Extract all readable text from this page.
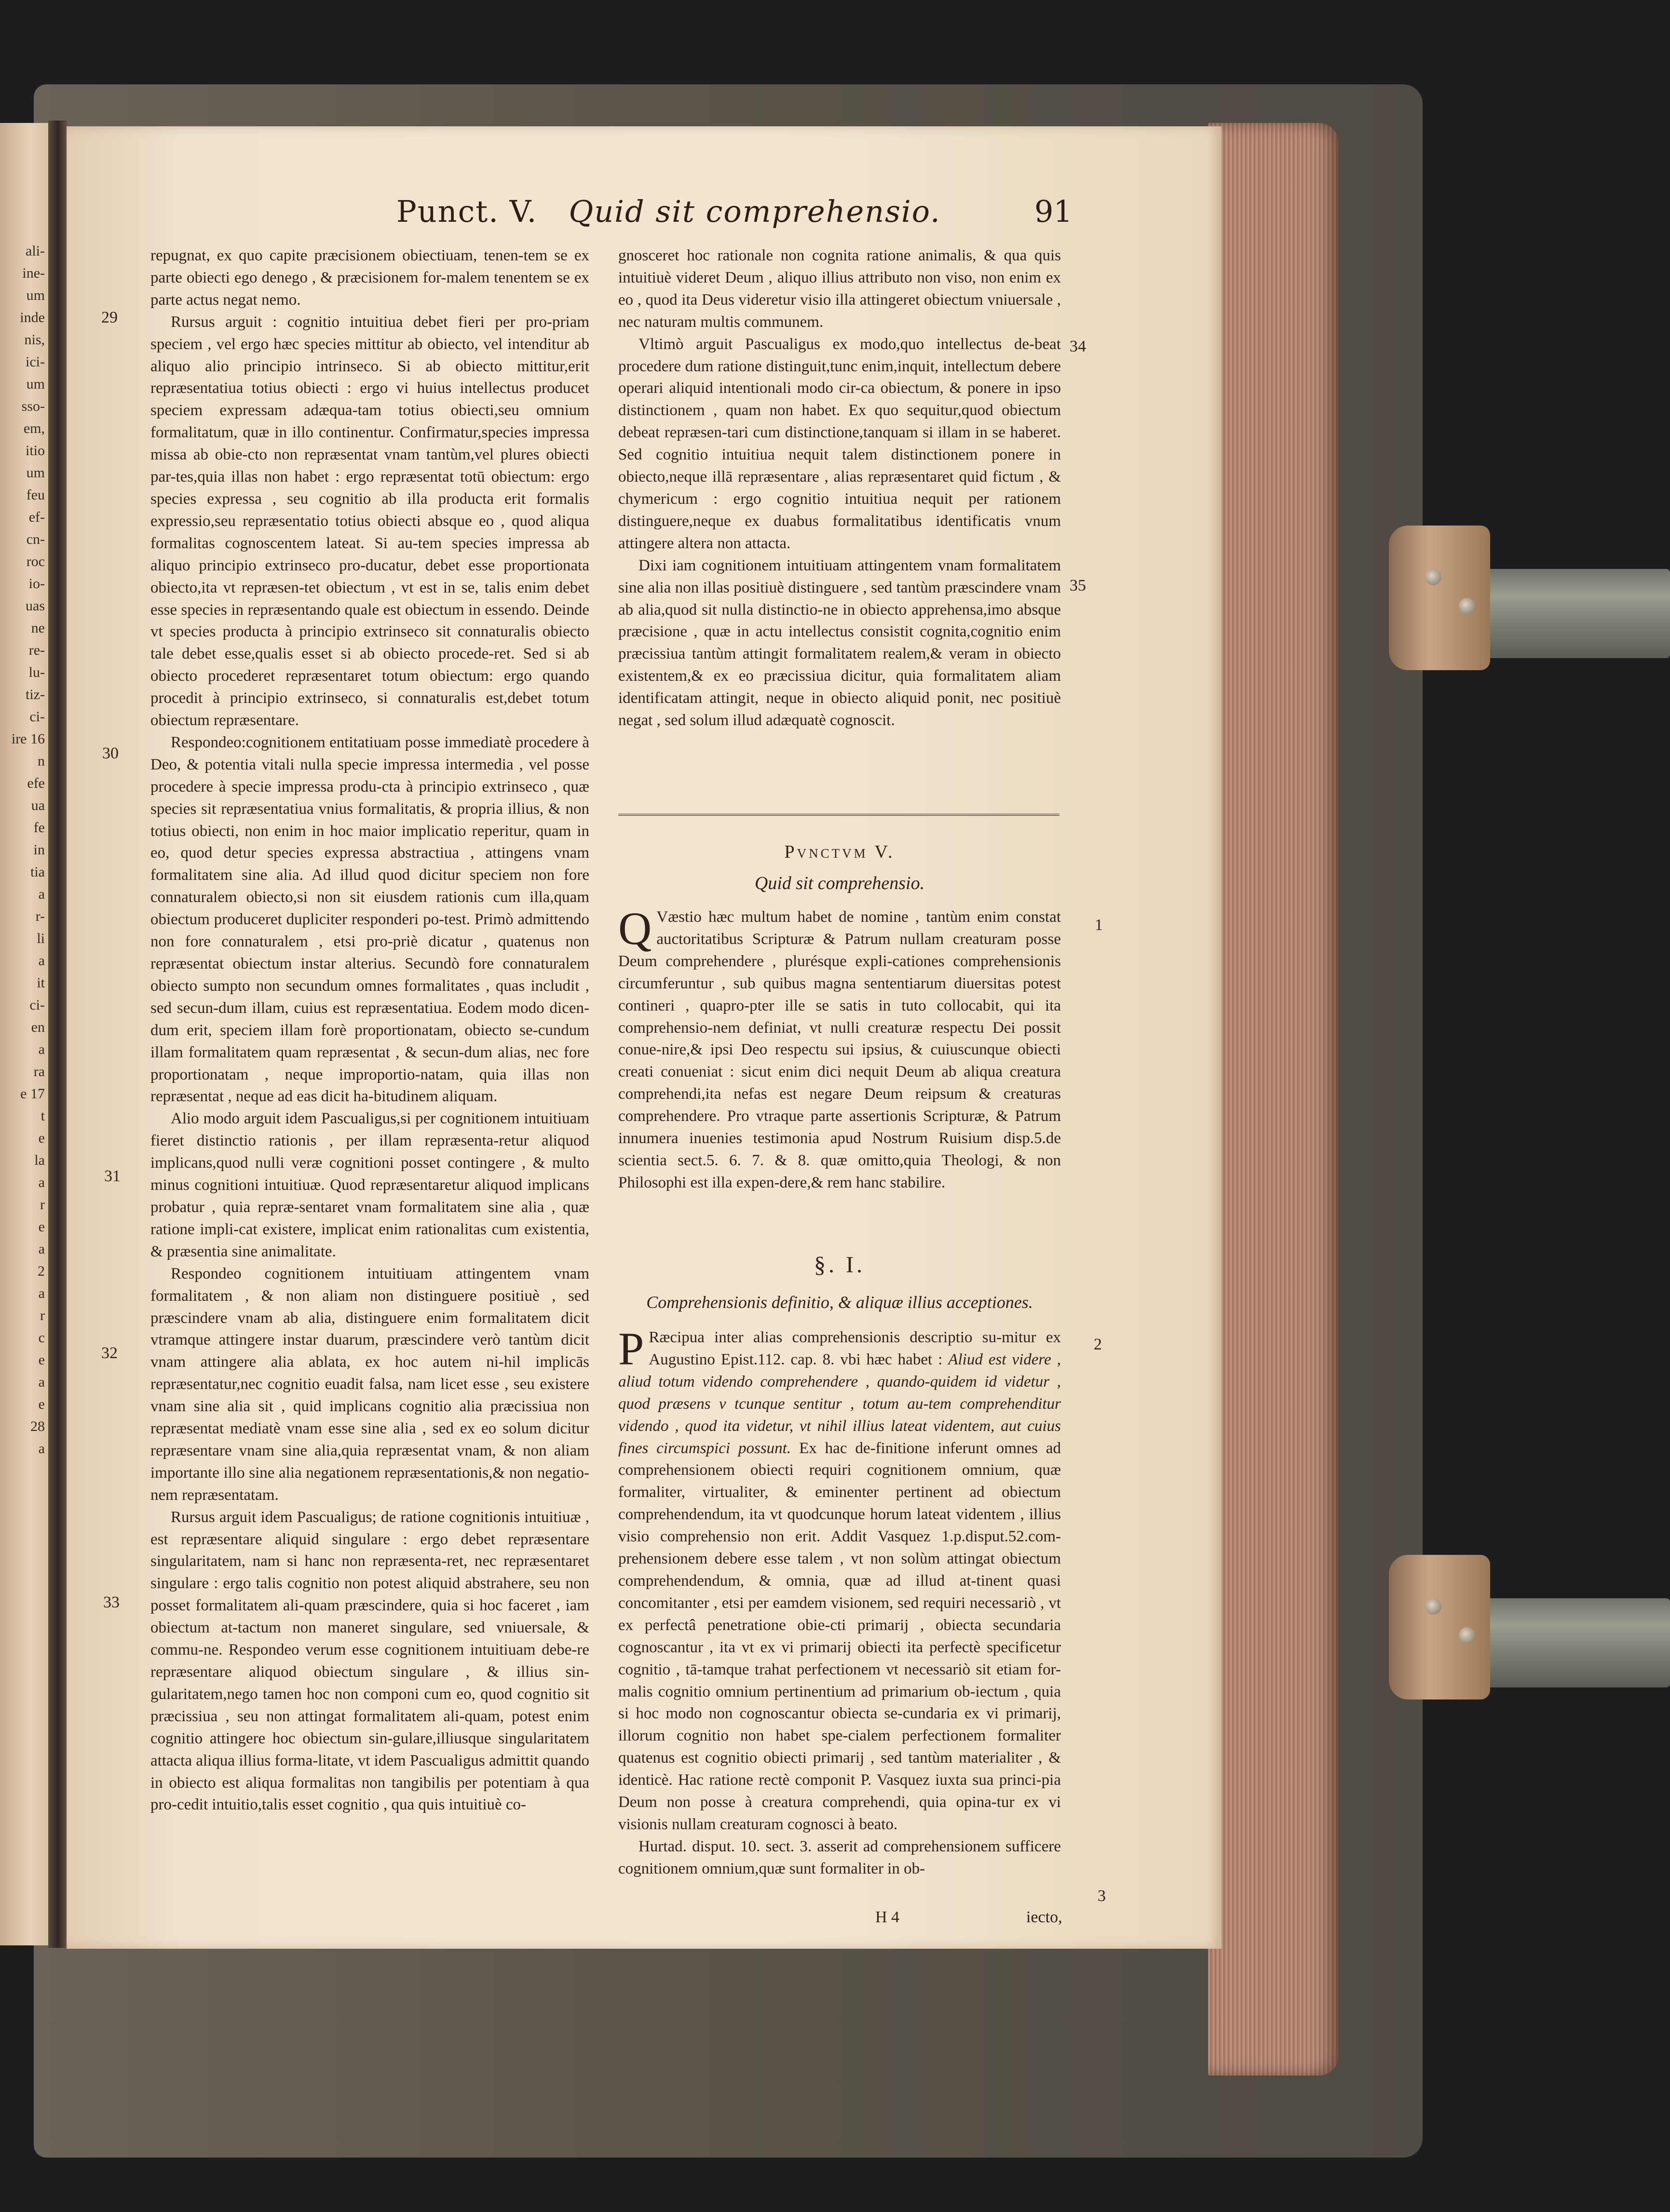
ali-
ine-
um
inde
nis,
ici-
um
sso-
em,
itio
um
feu
ef-
cn-
roc
io-
uas
ne
re-
lu-
tiz-
ci-
ire 16
n
efe
ua
fe
in
tia
a
r-
li
a
it
ci-
en
a
ra
e 17
t
e
la
a
r
e
a
2
a
r
c
e
a
e
28
a
Punct. V. Quid sit comprehensio.	91
29
30
31
32
33
34
35
1
2
3

repugnat, ex quo capite præcisionem obiectiuam, tenen-tem se ex parte obiecti ego denego , & præcisionem for-malem tenentem se ex parte actus negat nemo.

Rursus arguit : cognitio intuitiua debet fieri per pro-priam speciem , vel ergo hæc species mittitur ab obiecto, vel intenditur ab aliquo alio principio intrinseco. Si ab obiecto mittitur,erit repræsentatiua totius obiecti : ergo vi huius intellectus producet speciem expressam adæqua-tam totius obiecti,seu omnium formalitatum, quæ in illo continentur. Confirmatur,species impressa missa ab obie-cto non repræsentat vnam tantùm,vel plures obiecti par-tes,quia illas non habet : ergo repræsentat totū obiectum: ergo species expressa , seu cognitio ab illa producta erit formalis expressio,seu repræsentatio totius obiecti absque eo , quod aliqua formalitas cognoscentem lateat. Si au-tem species impressa ab aliquo principio extrinseco pro-ducatur, debet esse proportionata obiecto,ita vt repræsen-tet obiectum , vt est in se, talis enim debet esse species in repræsentando quale est obiectum in essendo. Deinde vt species producta à principio extrinseco sit connaturalis obiecto tale debet esse,qualis esset si ab obiecto procede-ret. Sed si ab obiecto procederet repræsentaret totum obiectum: ergo quando procedit à principio extrinseco, si connaturalis est,debet totum obiectum repræsentare.

Respondeo:cognitionem entitatiuam posse immediatè procedere à Deo, & potentia vitali nulla specie impressa intermedia , vel posse procedere à specie impressa produ-cta à principio extrinseco , quæ species sit repræsentatiua vnius formalitatis, & propria illius, & non totius obiecti, non enim in hoc maior implicatio reperitur, quam in eo, quod detur species expressa abstractiua , attingens vnam formalitatem sine alia. Ad illud quod dicitur speciem non fore connaturalem obiecto,si non sit eiusdem rationis cum illa,quam obiectum produceret dupliciter responderi po-test. Primò admittendo non fore connaturalem , etsi pro-priè dicatur , quatenus non repræsentat obiectum instar alterius. Secundò fore connaturalem obiecto sumpto non secundum omnes formalitates , quas includit , sed secun-dum illam, cuius est repræsentatiua. Eodem modo dicen-dum erit, speciem illam forè proportionatam, obiecto se-cundum illam formalitatem quam repræsentat , & secun-dum alias, nec fore proportionatam , neque improportio-natam, quia illas non repræsentat , neque ad eas dicit ha-bitudinem aliquam.

Alio modo arguit idem Pascualigus,si per cognitionem intuitiuam fieret distinctio rationis , per illam repræsenta-retur aliquod implicans,quod nulli veræ cognitioni posset contingere , & multo minus cognitioni intuitiuæ. Quod repræsentaretur aliquod implicans probatur , quia repræ-sentaret vnam formalitatem sine alia , quæ ratione impli-cat existere, implicat enim rationalitas cum existentia, & præsentia sine animalitate.

Respondeo cognitionem intuitiuam attingentem vnam formalitatem , & non aliam non distinguere positiuè , sed præscindere vnam ab alia, distinguere enim formalitatem dicit vtramque attingere instar duarum, præscindere verò tantùm dicit vnam attingere alia ablata, ex hoc autem ni-hil implicās repræsentatur,nec cognitio euadit falsa, nam licet esse , seu existere vnam sine alia sit , quid implicans cognitio alia præcissiua non repræsentat mediatè vnam esse sine alia , sed ex eo solum dicitur repræsentare vnam sine alia,quia repræsentat vnam, & non aliam importante illo sine alia negationem repræsentationis,& non negatio-nem repræsentatam.

Rursus arguit idem Pascualigus; de ratione cognitionis intuitiuæ , est repræsentare aliquid singulare : ergo debet repræsentare singularitatem, nam si hanc non repræsenta-ret, nec repræsentaret singulare : ergo talis cognitio non potest aliquid abstrahere, seu non posset formalitatem ali-quam præscindere, quia si hoc faceret , iam obiectum at-tactum non maneret singulare, sed vniuersale, & commu-ne. Respondeo verum esse cognitionem intuitiuam debe-re repræsentare aliquod obiectum singulare , & illius sin-gularitatem,nego tamen hoc non componi cum eo, quod cognitio sit præcissiua , seu non attingat formalitatem ali-quam, potest enim cognitio attingere hoc obiectum sin-gulare,illiusque singularitatem attacta aliqua illius forma-litate, vt idem Pascualigus admittit quando in obiecto est aliqua formalitas non tangibilis per potentiam à qua pro-cedit intuitio,talis esset cognitio , qua quis intuitiuè co-

gnosceret hoc rationale non cognita ratione animalis, & qua quis intuitiuè videret Deum , aliquo illius attributo non viso, non enim ex eo , quod ita Deus videretur visio illa attingeret obiectum vniuersale , nec naturam multis communem.

Vltimò arguit Pascualigus ex modo,quo intellectus de-beat procedere dum ratione distinguit,tunc enim,inquit, intellectum debere operari aliquid intentionali modo cir-ca obiectum, & ponere in ipso distinctionem , quam non habet. Ex quo sequitur,quod obiectum debeat repræsen-tari cum distinctione,tanquam si illam in se haberet. Sed cognitio intuitiua nequit talem distinctionem ponere in obiecto,neque illā repræsentare , alias repræsentaret quid fictum , & chymericum : ergo cognitio intuitiua nequit per rationem distinguere,neque ex duabus formalitatibus identificatis vnum attingere altera non attacta.

Dixi iam cognitionem intuitiuam attingentem vnam formalitatem sine alia non illas positiuè distinguere , sed tantùm præscindere vnam ab alia,quod sit nulla distinctio-ne in obiecto apprehensa,imo absque præcisione , quæ in actu intellectus consistit cognita,cognitio enim præcissiua tantùm attingit formalitatem realem,& veram in obiecto existentem,& ex eo præcissiua dicitur, quia formalitatem aliam identificatam attingit, neque in obiecto aliquid ponit, nec positiuè negat , sed solum illud adæquatè cognoscit.

Pvnctvm V.
Quid sit comprehensio.

Q Væstio hæc multum habet de nomine , tantùm enim constat auctoritatibus Scripturæ & Patrum nullam creaturam posse Deum comprehendere , plurésque expli-cationes comprehensionis circumferuntur , sub quibus magna sententiarum diuersitas potest contineri , quapro-pter ille se satis in tuto collocabit, qui ita comprehensio-nem definiat, vt nulli creaturæ respectu Dei possit conue-nire,& ipsi Deo respectu sui ipsius, & cuiuscunque obiecti creati conueniat : sicut enim dici nequit Deum ab aliqua creatura comprehendi,ita nefas est negare Deum reipsum & creaturas comprehendere. Pro vtraque parte assertionis Scripturæ, & Patrum innumera inuenies testimonia apud Nostrum Ruisium disp.5.de scientia sect.5. 6. 7. & 8. quæ omitto,quia Theologi, & non Philosophi est illa expen-dere,& rem hanc stabilire.

§. I.
Comprehensionis definitio, & aliquæ illius acceptiones.

P Ræcipua inter alias comprehensionis descriptio su-mitur ex Augustino Epist.112. cap. 8. vbi hæc habet : Aliud est videre , aliud totum videndo comprehendere , quando-quidem id videtur , quod præsens v tcunque sentitur , totum au-tem comprehenditur videndo , quod ita videtur, vt nihil illius lateat videntem, aut cuius fines circumspici possunt. Ex hac de-finitione inferunt omnes ad comprehensionem obiecti requiri cognitionem omnium, quæ formaliter, virtualiter, & eminenter pertinent ad obiectum comprehendendum, ita vt quodcunque horum lateat videntem , illius visio comprehensio non erit. Addit Vasquez 1.p.disput.52.com-prehensionem debere esse talem , vt non solùm attingat obiectum comprehendendum, & omnia, quæ ad illud at-tinent quasi concomitanter , etsi per eamdem visionem, sed requiri necessariò , vt ex perfectâ penetratione obie-cti primarij , obiecta secundaria cognoscantur , ita vt ex vi primarij obiecti ita perfectè specificetur cognitio , tā-tamque trahat perfectionem vt necessariò sit etiam for-malis cognitio omnium pertinentium ad primarium ob-iectum , quia si hoc modo non cognoscantur obiecta se-cundaria ex vi primarij, illorum cognitio non habet spe-cialem perfectionem formaliter quatenus est cognitio obiecti primarij , sed tantùm materialiter , & identicè. Hac ratione rectè componit P. Vasquez iuxta sua princi-pia Deum non posse à creatura comprehendi, quia opina-tur ex vi visionis nullam creaturam cognosci à beato.

Hurtad. disput. 10. sect. 3. asserit ad comprehensionem sufficere cognitionem omnium,quæ sunt formaliter in ob-

H 4	iecto,
